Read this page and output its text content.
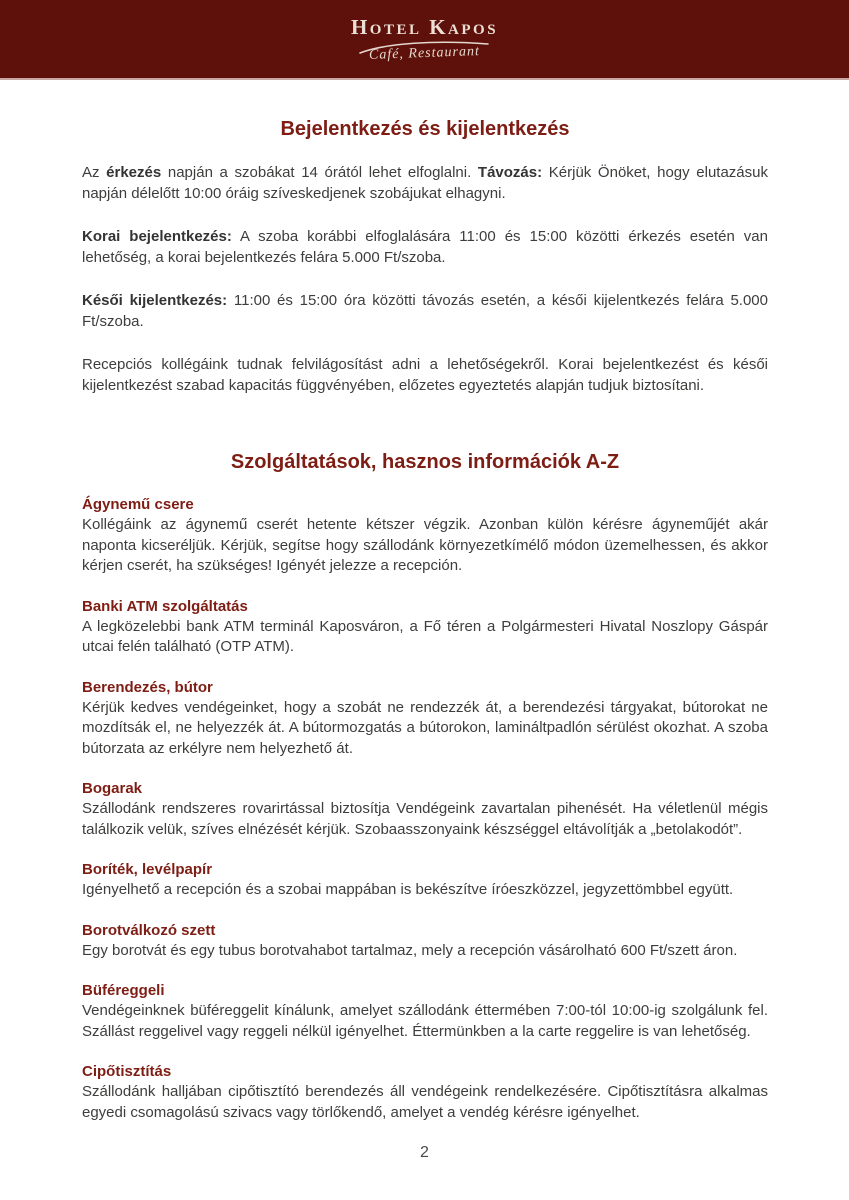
Hotel Kapos
Café, Restaurant
Bejelentkezés és kijelentkezés

Az érkezés napján a szobákat 14 órától lehet elfoglalni. Távozás: Kérjük Önöket, hogy elutazásuk napján délelőtt 10:00 óráig szíveskedjenek szobájukat elhagyni.

Korai bejelentkezés: A szoba korábbi elfoglalására 11:00 és 15:00 közötti érkezés esetén van lehetőség, a korai bejelentkezés felára 5.000 Ft/szoba.

Késői kijelentkezés: 11:00 és 15:00 óra közötti távozás esetén, a késői kijelentkezés felára 5.000 Ft/szoba.

Recepciós kollégáink tudnak felvilágosítást adni a lehetőségekről. Korai bejelentkezést és késői kijelentkezést szabad kapacitás függvényében, előzetes egyeztetés alapján tudjuk biztosítani.

Szolgáltatások, hasznos információk A-Z
Ágynemű csere

Kollégáink az ágynemű cserét hetente kétszer végzik. Azonban külön kérésre ágyneműjét akár naponta kicseréljük. Kérjük, segítse hogy szállodánk környezetkímélő módon üzemelhessen, és akkor kérjen cserét, ha szükséges! Igényét jelezze a recepción.

Banki ATM szolgáltatás

A legközelebbi bank ATM terminál Kaposváron, a Fő téren a Polgármesteri Hivatal Noszlopy Gáspár utcai felén található (OTP ATM).

Berendezés, bútor

Kérjük kedves vendégeinket, hogy a szobát ne rendezzék át, a berendezési tárgyakat, bútorokat ne mozdítsák el, ne helyezzék át. A bútormozgatás a bútorokon, lamináltpadlón sérülést okozhat. A szoba bútorzata az erkélyre nem helyezhető át.

Bogarak

Szállodánk rendszeres rovarirtással biztosítja Vendégeink zavartalan pihenését. Ha véletlenül mégis találkozik velük, szíves elnézését kérjük. Szobaasszonyaink készséggel eltávolítják a „betolakodót”.

Boríték, levélpapír

Igényelhető a recepción és a szobai mappában is bekészítve íróeszközzel, jegyzettömbbel együtt.

Borotválkozó szett

Egy borotvát és egy tubus borotvahabot tartalmaz, mely a recepción vásárolható 600 Ft/szett áron.

Büféreggeli

Vendégeinknek büféreggelit kínálunk, amelyet szállodánk éttermében 7:00-tól 10:00-ig szolgálunk fel. Szállást reggelivel vagy reggeli nélkül igényelhet. Éttermünkben a la carte reggelire is van lehetőség.

Cipőtisztítás

Szállodánk halljában cipőtisztító berendezés áll vendégeink rendelkezésére. Cipőtisztításra alkalmas egyedi csomagolású szivacs vagy törlőkendő, amelyet a vendég kérésre igényelhet.

2
